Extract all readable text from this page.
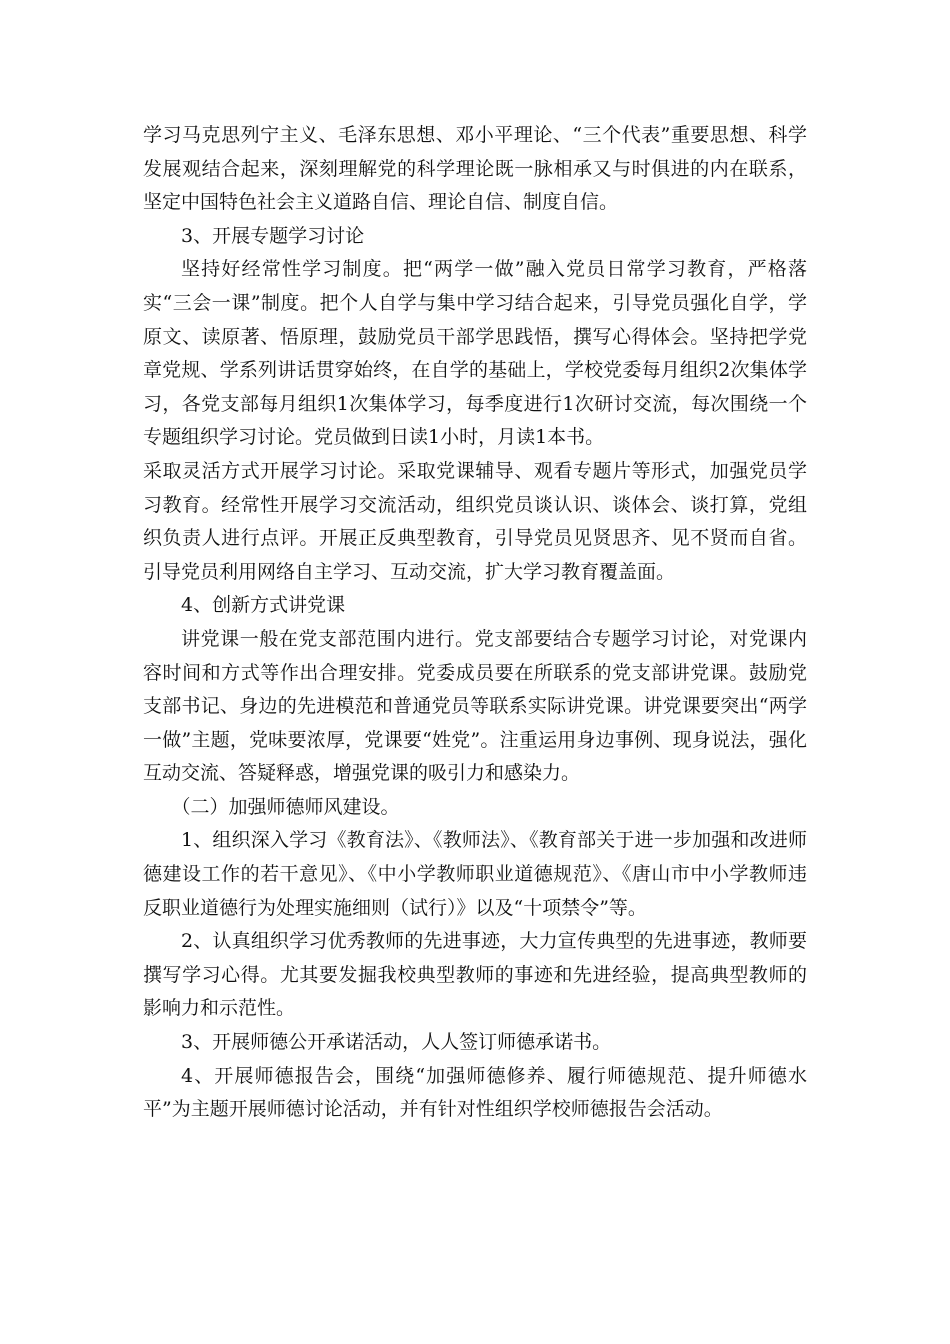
学习马克思列宁主义、毛泽东思想、邓小平理论、“三个代表”重要思想、科学发展观结合起来，深刻理解党的科学理论既一脉相承又与时俱进的内在联系，坚定中国特色社会主义道路自信、理论自信、制度自信。

3、开展专题学习讨论

坚持好经常性学习制度。把“两学一做”融入党员日常学习教育，严格落实“三会一课”制度。把个人自学与集中学习结合起来，引导党员强化自学，学原文、读原著、悟原理，鼓励党员干部学思践悟，撰写心得体会。坚持把学党章党规、学系列讲话贯穿始终，在自学的基础上，学校党委每月组织2次集体学习，各党支部每月组织1次集体学习，每季度进行1次研讨交流，每次围绕一个专题组织学习讨论。党员做到日读1小时，月读1本书。

采取灵活方式开展学习讨论。采取党课辅导、观看专题片等形式，加强党员学习教育。经常性开展学习交流活动，组织党员谈认识、谈体会、谈打算，党组织负责人进行点评。开展正反典型教育，引导党员见贤思齐、见不贤而自省。引导党员利用网络自主学习、互动交流，扩大学习教育覆盖面。

4、创新方式讲党课

讲党课一般在党支部范围内进行。党支部要结合专题学习讨论，对党课内容时间和方式等作出合理安排。党委成员要在所联系的党支部讲党课。鼓励党支部书记、身边的先进模范和普通党员等联系实际讲党课。讲党课要突出“两学一做”主题，党味要浓厚，党课要“姓党”。注重运用身边事例、现身说法，强化互动交流、答疑释惑，增强党课的吸引力和感染力。

（二）加强师德师风建设。

1、组织深入学习《教育法》、《教师法》、《教育部关于进一步加强和改进师德建设工作的若干意见》、《中小学教师职业道德规范》、《唐山市中小学教师违反职业道德行为处理实施细则（试行）》以及“十项禁令”等。

2、认真组织学习优秀教师的先进事迹，大力宣传典型的先进事迹，教师要撰写学习心得。尤其要发掘我校典型教师的事迹和先进经验，提高典型教师的影响力和示范性。

3、开展师德公开承诺活动，人人签订师德承诺书。

4、开展师德报告会，围绕“加强师德修养、履行师德规范、提升师德水平”为主题开展师德讨论活动，并有针对性组织学校师德报告会活动。
